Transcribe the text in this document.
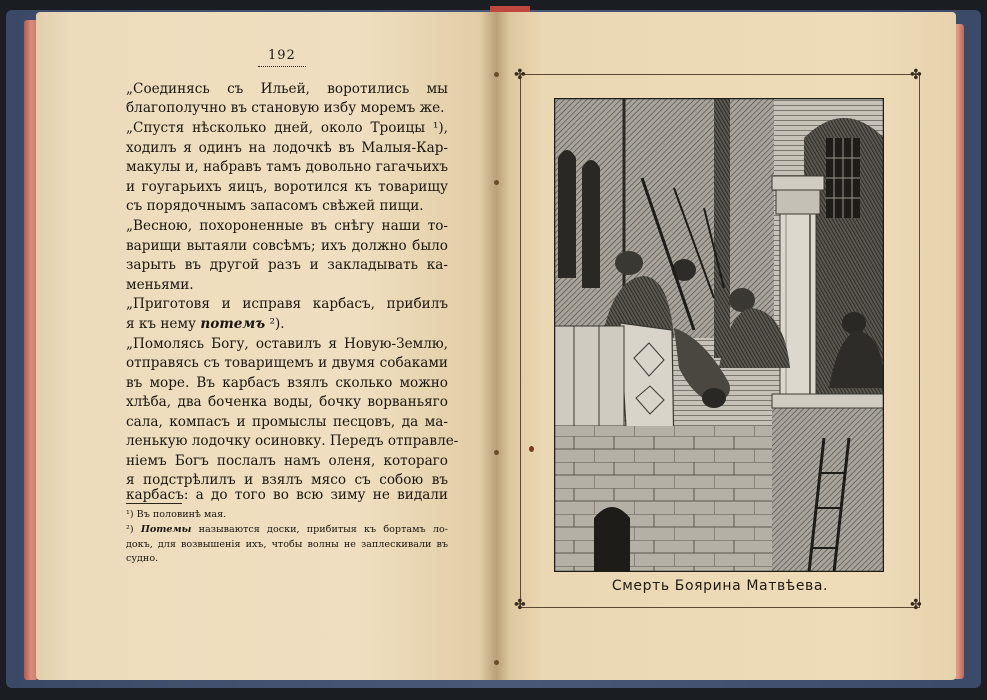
192
„Соединясь съ Ильей, воротились мы
благополучно въ становую избу моремъ же.
„Спустя нѣсколько дней, около Троицы ¹),
ходилъ я одинъ на лодочкѣ въ Малыя-Кар-
макулы и, набравъ тамъ довольно гагачьихъ
и гоугарьихъ яицъ, воротился къ товарищу
съ порядочнымъ запасомъ свѣжей пищи.
„Весною, похороненные въ снѣгу наши то-
варищи вытаяли совсѣмъ; ихъ должно было
зарыть въ другой разъ и закладывать ка-
меньями.
„Приготовя и исправя карбасъ, прибилъ
я къ нему потемъ ²).
„Помолясь Богу, оставилъ я Новую-Землю,
отправясь съ товарищемъ и двумя собаками
въ море. Въ карбасъ взялъ сколько можно
хлѣба, два боченка воды, бочку ворваньяго
сала, компасъ и промыслы песцовъ, да ма-
ленькую лодочку осиновку. Передъ отправле-
ніемъ Богъ послалъ намъ оленя, котораго
я подстрѣлилъ и взялъ мясо съ собою въ
карбасъ: а до того во всю зиму не видали
¹) Въ половинѣ мая.
²) Потемы называются доски, прибитыя къ бортамъ ло-
докъ, для возвышенія ихъ, чтобы волны не заплескивали въ
судно.
✤	✤
✤	✤
Смерть Боярина Матвѣева.
